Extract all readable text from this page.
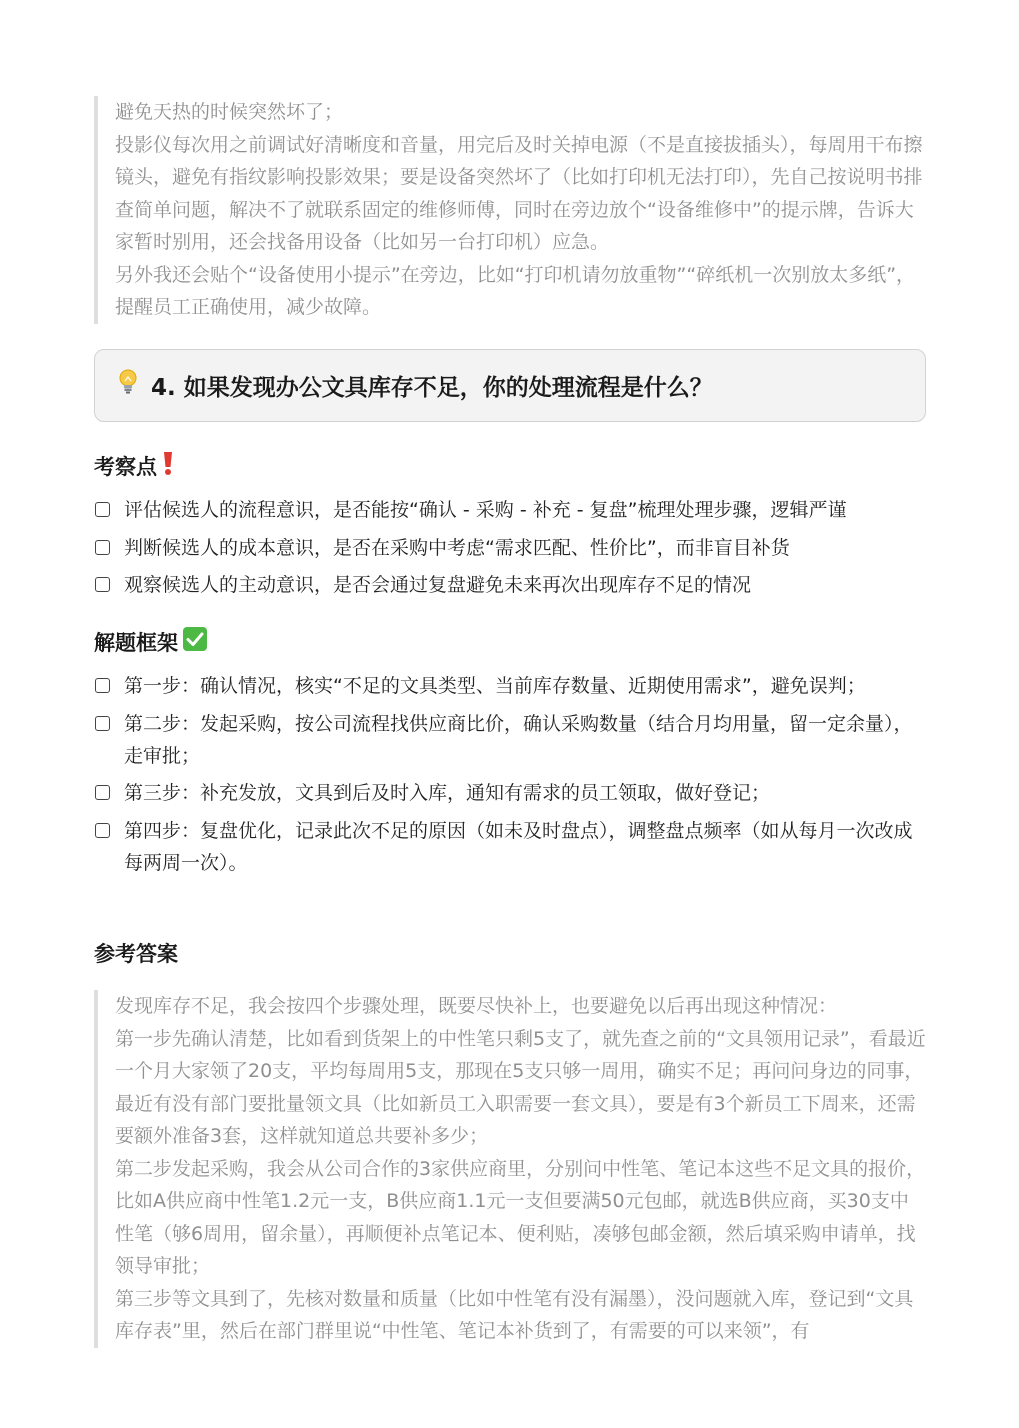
避免天热的时候突然坏了；

投影仪每次用之前调试好清晰度和音量，用完后及时关掉电源（不是直接拔插头），每周用干布擦镜头，避免有指纹影响投影效果；要是设备突然坏了（比如打印机无法打印），先自己按说明书排查简单问题，解决不了就联系固定的维修师傅，同时在旁边放个“设备维修中”的提示牌，告诉大家暂时别用，还会找备用设备（比如另一台打印机）应急。

另外我还会贴个“设备使用小提示”在旁边，比如“打印机请勿放重物”“碎纸机一次别放太多纸”，提醒员工正确使用，减少故障。

4. 如果发现办公文具库存不足，你的处理流程是什么？
考察点
评估候选人的流程意识，是否能按“确认 - 采购 - 补充 - 复盘”梳理处理步骤，逻辑严谨
判断候选人的成本意识，是否在采购中考虑“需求匹配、性价比”，而非盲目补货
观察候选人的主动意识，是否会通过复盘避免未来再次出现库存不足的情况
解题框架
第一步：确认情况，核实“不足的文具类型、当前库存数量、近期使用需求”，避免误判；
第二步：发起采购，按公司流程找供应商比价，确认采购数量（结合月均用量，留一定余量），走审批；
第三步：补充发放，文具到后及时入库，通知有需求的员工领取，做好登记；
第四步：复盘优化，记录此次不足的原因（如未及时盘点），调整盘点频率（如从每月一次改成每两周一次）。
参考答案

发现库存不足，我会按四个步骤处理，既要尽快补上，也要避免以后再出现这种情况：

第一步先确认清楚，比如看到货架上的中性笔只剩5支了，就先查之前的“文具领用记录”，看最近一个月大家领了20支，平均每周用5支，那现在5支只够一周用，确实不足；再问问身边的同事，最近有没有部门要批量领文具（比如新员工入职需要一套文具），要是有3个新员工下周来，还需要额外准备3套，这样就知道总共要补多少；

第二步发起采购，我会从公司合作的3家供应商里，分别问中性笔、笔记本这些不足文具的报价，比如A供应商中性笔1.2元一支，B供应商1.1元一支但要满50元包邮，就选B供应商，买30支中性笔（够6周用，留余量），再顺便补点笔记本、便利贴，凑够包邮金额，然后填采购申请单，找领导审批；

第三步等文具到了，先核对数量和质量（比如中性笔有没有漏墨），没问题就入库，登记到“文具库存表”里，然后在部门群里说“中性笔、笔记本补货到了，有需要的可以来领”，有
